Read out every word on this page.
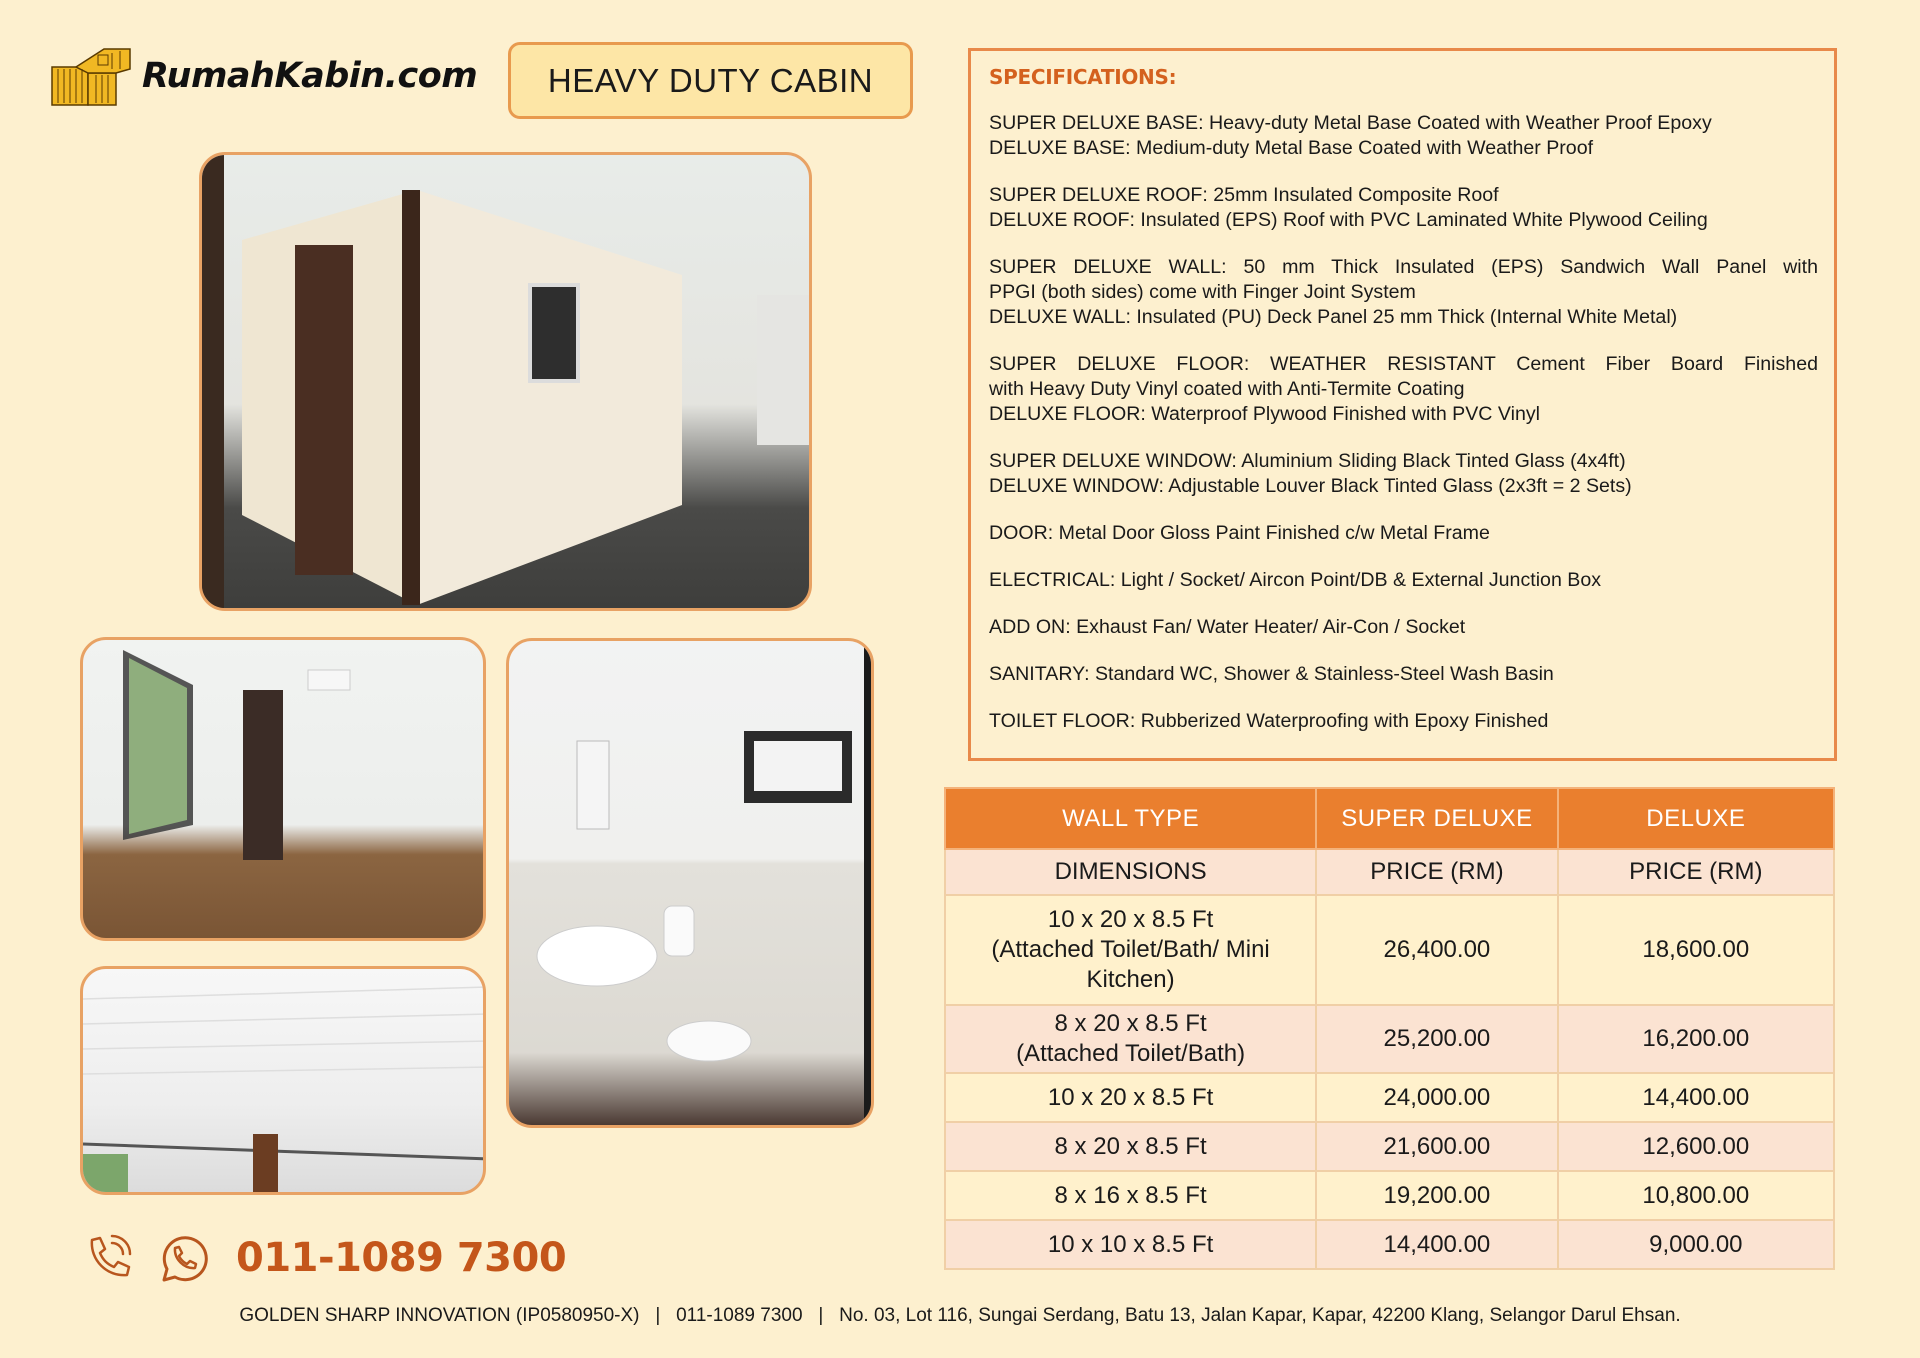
RumahKabin.com HEAVY DUTY CABIN	SPECIFICATIONS:
SUPER DELUXE BASE: Heavy-duty Metal Base Coated with Weather Proof Epoxy
DELUXE BASE: Medium-duty Metal Base Coated with Weather Proof
SUPER DELUXE ROOF: 25mm Insulated Composite Roof
DELUXE ROOF: Insulated (EPS) Roof with PVC Laminated White Plywood Ceiling
SUPER DELUXE WALL: 50 mm Thick Insulated (EPS) Sandwich Wall Panel with
PPGI (both sides) come with Finger Joint System
DELUXE WALL: Insulated (PU) Deck Panel 25 mm Thick (Internal White Metal)
SUPER DELUXE FLOOR: WEATHER RESISTANT Cement Fiber Board Finished
with Heavy Duty Vinyl coated with Anti-Termite Coating
DELUXE FLOOR: Waterproof Plywood Finished with PVC Vinyl
SUPER DELUXE WINDOW: Aluminium Sliding Black Tinted Glass (4x4ft)
DELUXE WINDOW: Adjustable Louver Black Tinted Glass (2x3ft = 2 Sets)
DOOR: Metal Door Gloss Paint Finished c/w Metal Frame
ELECTRICAL: Light / Socket/ Aircon Point/DB & External Junction Box
ADD ON: Exhaust Fan/ Water Heater/ Air-Con / Socket
SANITARY: Standard WC, Shower & Stainless-Steel Wash Basin
TOILET FLOOR: Rubberized Waterproofing with Epoxy Finished
WALL TYPE	SUPER DELUXE	DELUXE
DIMENSIONS	PRICE (RM)	PRICE (RM)

10 x 20 x 8.5 Ft
(Attached Toilet/Bath/ Mini
Kitchen)	26,400.00	18,600.00

8 x 20 x 8.5 Ft
(Attached Toilet/Bath)	25,200.00	16,200.00
10 x 20 x 8.5 Ft	24,000.00	14,400.00
8 x 20 x 8.5 Ft	21,600.00	12,600.00
8 x 16 x 8.5 Ft	19,200.00	10,800.00
10 x 10 x 8.5 Ft	14,400.00	9,000.00
011-1089 7300
GOLDEN SHARP INNOVATION (IP0580950-X)   |   011-1089 7300   |   No. 03, Lot 116, Sungai Serdang, Batu 13, Jalan Kapar, Kapar, 42200 Klang, Selangor Darul Ehsan.
